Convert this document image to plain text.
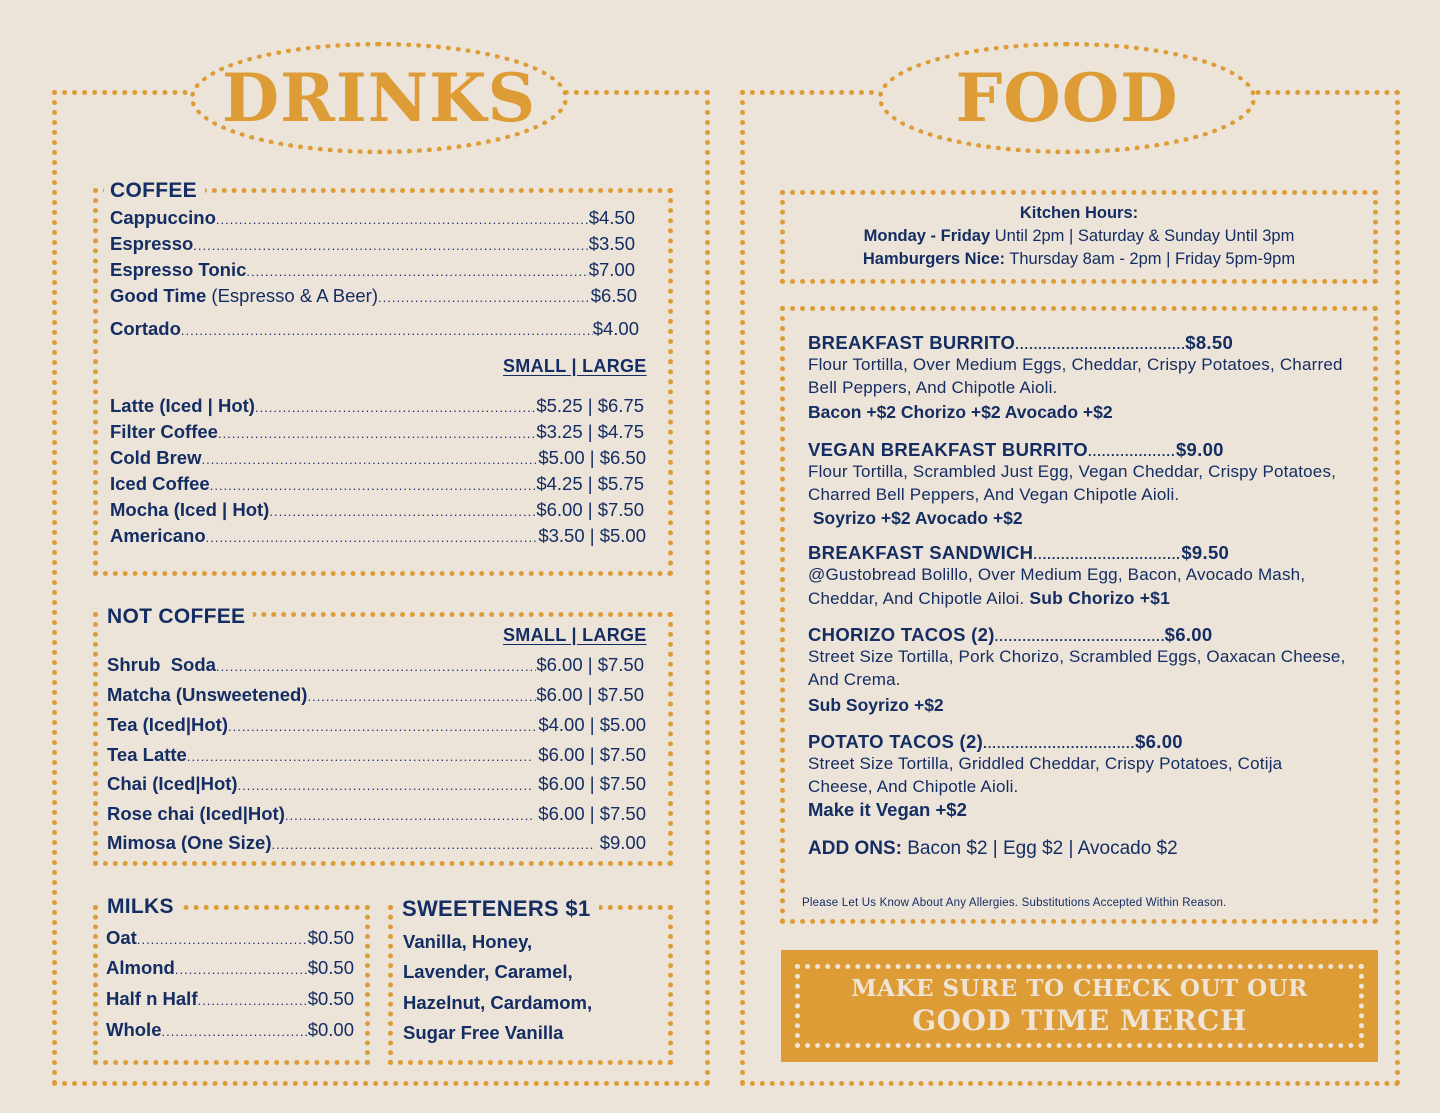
DRINKS
COFFEE
Cappuccino .....	$4.50
Espresso .....	$3.50
Espresso Tonic .....	$7.00
Good Time (Espresso & A Beer) .....	$6.50
Cortado .....	$4.00
SMALL | LARGE
Latte (Iced | Hot) .....	$5.25 | $6.75
Filter Coffee .....	$3.25 | $4.75
Cold Brew .....	$5.00 | $6.50
Iced Coffee .....	$4.25 | $5.75
Mocha (Iced | Hot) .....	$6.00 | $7.50
Americano .....	$3.50 | $5.00
NOT COFFEE
SMALL | LARGE
Shrub  Soda .....	$6.00 | $7.50
Matcha (Unsweetened) .....	$6.00 | $7.50
Tea (Iced|Hot) .....	$4.00 | $5.00
Tea Latte .....	$6.00 | $7.50
Chai (Iced|Hot) .....	$6.00 | $7.50
Rose chai (Iced|Hot) .....	$6.00 | $7.50
Mimosa (One Size) .....	$9.00
MILKS
Oat .....	$0.50
Almond .....	$0.50
Half n Half .....	$0.50
Whole .....	$0.00
SWEETENERS $1
Vanilla, Honey,
Lavender, Caramel,
Hazelnut, Cardamom,
Sugar Free Vanilla
FOOD
Kitchen Hours:
Monday - Friday Until 2pm | Saturday & Sunday Until 3pm
Hamburgers Nice: Thursday 8am - 2pm | Friday 5pm-9pm
BREAKFAST BURRITO .....	$8.50
Flour Tortilla, Over Medium Eggs, Cheddar, Crispy Potatoes, Charred Bell Peppers, And Chipotle Aioli.
Bacon +$2 Chorizo +$2 Avocado +$2
VEGAN BREAKFAST BURRITO .....	$9.00
Flour Tortilla, Scrambled Just Egg, Vegan Cheddar, Crispy Potatoes, Charred Bell Peppers, And Vegan Chipotle Aioli.
Soyrizo +$2 Avocado +$2
BREAKFAST SANDWICH .....	$9.50
@Gustobread Bolillo, Over Medium Egg, Bacon, Avocado Mash, Cheddar, And Chipotle Ailoi. Sub Chorizo +$1
CHORIZO TACOS (2) .....	$6.00
Street Size Tortilla, Pork Chorizo, Scrambled Eggs, Oaxacan Cheese, And Crema.
Sub Soyrizo +$2
POTATO TACOS (2) .....	$6.00
Street Size Tortilla, Griddled Cheddar, Crispy Potatoes, Cotija Cheese, And Chipotle Aioli.
Make it Vegan +$2
ADD ONS: Bacon $2 | Egg $2 | Avocado $2
Please Let Us Know About Any Allergies. Substitutions Accepted Within Reason.
MAKE SURE TO CHECK OUT OUR
GOOD TIME MERCH
